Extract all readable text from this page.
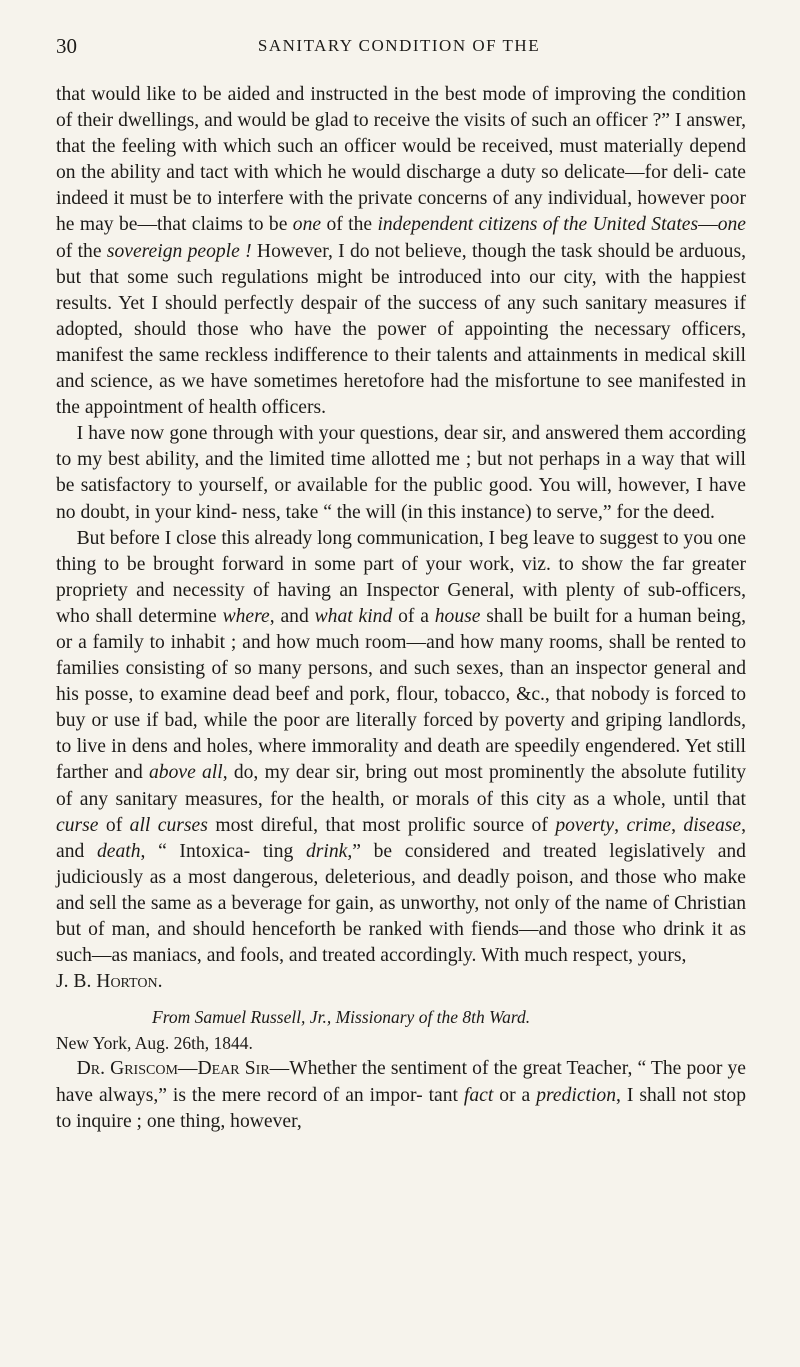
30	SANITARY CONDITION OF THE

that would like to be aided and instructed in the best mode of improving the condition of their dwellings, and would be glad to receive the visits of such an officer ?” I answer, that the feeling with which such an officer would be received, must materially depend on the ability and tact with which he would discharge a duty so delicate—for deli- cate indeed it must be to interfere with the private concerns of any individual, however poor he may be—that claims to be one of the independent citizens of the United States—one of the sovereign people ! However, I do not believe, though the task should be arduous, but that some such regulations might be introduced into our city, with the happiest results. Yet I should perfectly despair of the success of any such sanitary measures if adopted, should those who have the power of appointing the necessary officers, manifest the same reckless indifference to their talents and attainments in medical skill and science, as we have sometimes heretofore had the misfortune to see manifested in the appointment of health officers.

I have now gone through with your questions, dear sir, and answered them according to my best ability, and the limited time allotted me ; but not perhaps in a way that will be satisfactory to yourself, or available for the public good. You will, however, I have no doubt, in your kind- ness, take “ the will (in this instance) to serve,” for the deed.

But before I close this already long communication, I beg leave to suggest to you one thing to be brought forward in some part of your work, viz. to show the far greater propriety and necessity of having an Inspector General, with plenty of sub-officers, who shall determine where, and what kind of a house shall be built for a human being, or a family to inhabit ; and how much room—and how many rooms, shall be rented to families consisting of so many persons, and such sexes, than an inspector general and his posse, to examine dead beef and pork, flour, tobacco, &c., that nobody is forced to buy or use if bad, while the poor are literally forced by poverty and griping landlords, to live in dens and holes, where immorality and death are speedily engendered. Yet still farther and above all, do, my dear sir, bring out most prominently the absolute futility of any sanitary measures, for the health, or morals of this city as a whole, until that curse of all curses most direful, that most prolific source of poverty, crime, disease, and death, “ Intoxica- ting drink,” be considered and treated legislatively and judiciously as a most dangerous, deleterious, and deadly poison, and those who make and sell the same as a beverage for gain, as unworthy, not only of the name of Christian but of man, and should henceforth be ranked with fiends—and those who drink it as such—as maniacs, and fools, and treated accordingly. With much respect, yours,

J. B. Horton.

From Samuel Russell, Jr., Missionary of the 8th Ward.

New York, Aug. 26th, 1844.

Dr. Griscom—Dear Sir—Whether the sentiment of the great Teacher, “ The poor ye have always,” is the mere record of an impor- tant fact or a prediction, I shall not stop to inquire ; one thing, however,
